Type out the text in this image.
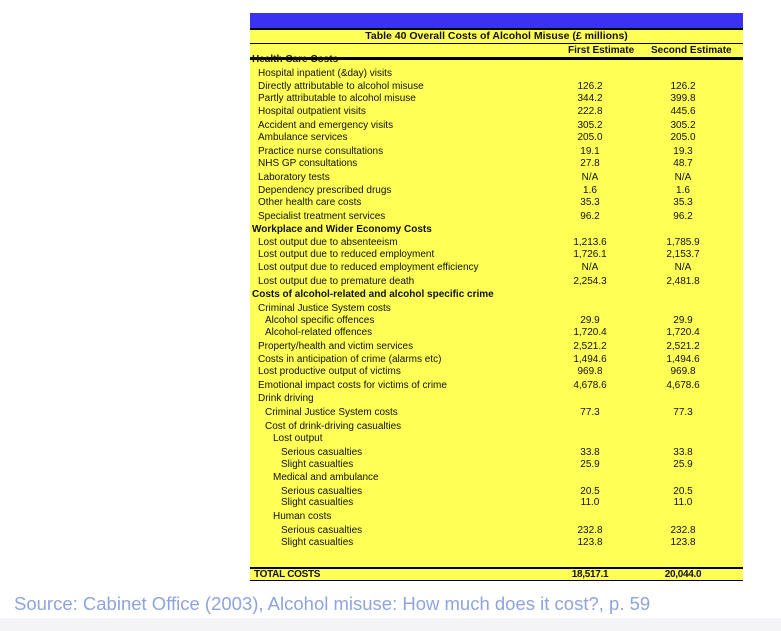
Table 40 Overall Costs of Alcohol Misuse (£ millions)
First Estimate Second Estimate
Health Care Costs
Hospital inpatient (&day) visits
Directly attributable to alcohol misuse	126.2	126.2
Partly attributable to alcohol misuse	344.2	399.8
Hospital outpatient visits	222.8	445.6
Accident and emergency visits	305.2	305.2
Ambulance services	205.0	205.0
Practice nurse consultations	19.1	19.3
NHS GP consultations	27.8	48.7
Laboratory tests	N/A	N/A
Dependency prescribed drugs	1.6	1.6
Other health care costs	35.3	35.3
Specialist treatment services	96.2	96.2
Workplace and Wider Economy Costs
Lost output due to absenteeism	1,213.6	1,785.9
Lost output due to reduced employment	1,726.1	2,153.7
Lost output due to reduced employment efficiency	N/A	N/A
Lost output due to premature death	2,254.3	2,481.8
Costs of alcohol-related and alcohol specific crime
Criminal Justice System costs
Alcohol specific offences	29.9	29.9
Alcohol-related offences	1,720.4	1,720.4
Property/health and victim services	2,521.2	2,521.2
Costs in anticipation of crime (alarms etc)	1,494.6	1,494.6
Lost productive output of victims	969.8	969.8
Emotional impact costs for victims of crime	4,678.6	4,678.6
Drink driving
Criminal Justice System costs	77.3	77.3
Cost of drink-driving casualties
Lost output
Serious casualties	33.8	33.8
Slight casualties	25.9	25.9
Medical and ambulance
Serious casualties	20.5	20.5
Slight casualties	11.0	11.0
Human costs
Serious casualties	232.8	232.8
Slight casualties	123.8	123.8
TOTAL COSTS	18,517.1	20,044.0
Source: Cabinet Office (2003), Alcohol misuse: How much does it cost?, p. 59
